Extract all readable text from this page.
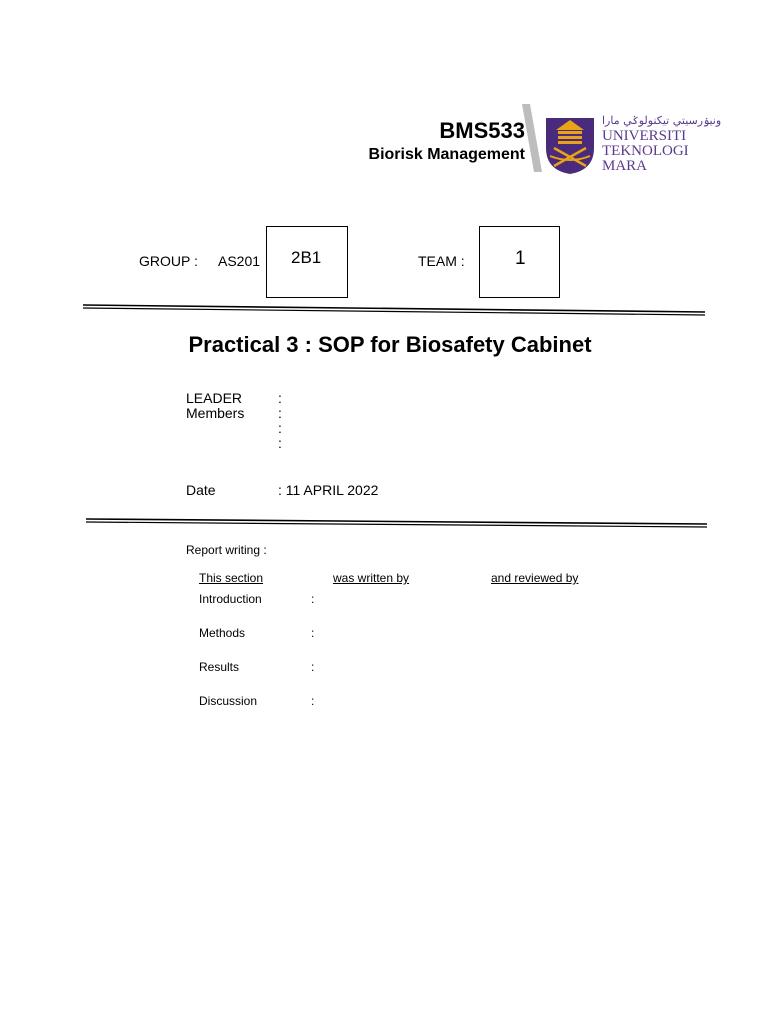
BMS533
Biorisk Management
ونيۏرسيتي تيكنولوݢي مارا
UNIVERSITI
TEKNOLOGI
MARA
GROUP : AS201 2B1	TEAM :	1
Practical 3 : SOP for Biosafety Cabinet
LEADER	:
Members :
:
:
Date	: 11 APRIL 2022
Report writing :
This section	was written by	and reviewed by
Introduction	:
Methods	:
Results	:
Discussion	:
